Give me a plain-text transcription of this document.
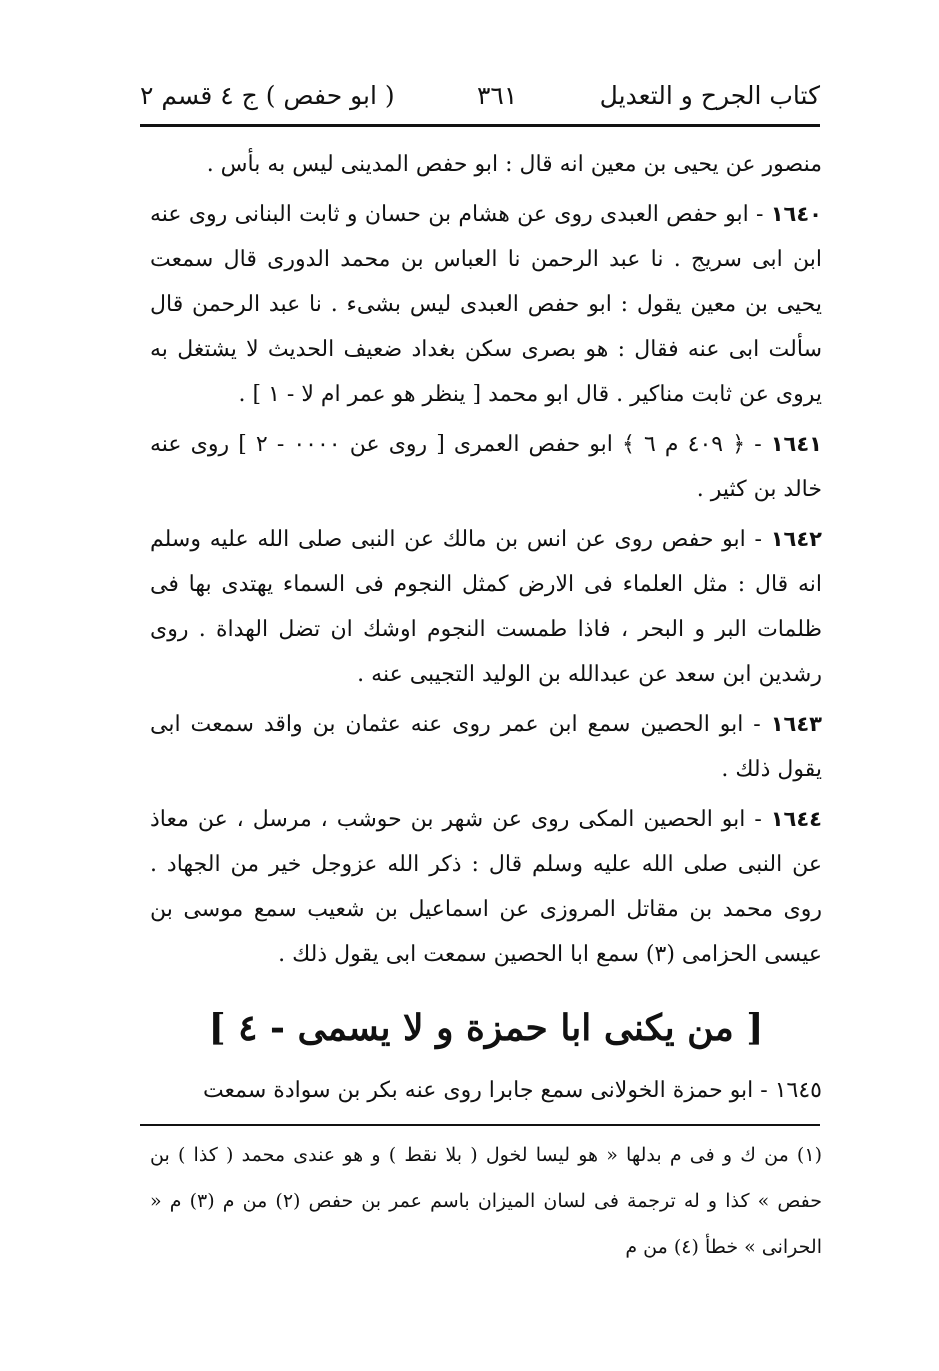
كتاب الجرح و التعديل
٣٦١
( ابو حفص ) ج ٤ قسم ٢

منصور عن يحيى بن معين انه قال : ابو حفص المدينى ليس به بأس .

١٦٤٠ - ابو حفص العبدى روى عن هشام بن حسان و ثابت البنانى روى عنه ابن ابى سريج . نا عبد الرحمن نا العباس بن محمد الدورى قال سمعت يحيى بن معين يقول : ابو حفص العبدى ليس بشىء . نا عبد الرحمن قال سألت ابى عنه فقال : هو بصرى سكن بغداد ضعيف الحديث لا يشتغل به يروى عن ثابت مناكير . قال ابو محمد [ ينظر هو عمر ام لا - ١ ] .

١٦٤١ - ﴿ ٤٠٩ م ٦ ﴾ ابو حفص العمرى [ روى عن ٠٠٠٠ - ٢ ] روى عنه خالد بن كثير .

١٦٤٢ - ابو حفص روى عن انس بن مالك عن النبى صلى الله عليه وسلم انه قال : مثل العلماء فى الارض كمثل النجوم فى السماء يهتدى بها فى ظلمات البر و البحر ، فاذا طمست النجوم اوشك ان تضل الهداة . روى رشدين ابن سعد عن عبدالله بن الوليد التجيبى عنه .

١٦٤٣ - ابو الحصين سمع ابن عمر روى عنه عثمان بن واقد سمعت ابى يقول ذلك .

١٦٤٤ - ابو الحصين المكى روى عن شهر بن حوشب ، مرسل ، عن معاذ عن النبى صلى الله عليه وسلم قال : ذكر الله عزوجل خير من الجهاد . روى محمد بن مقاتل المروزى عن اسماعيل بن شعيب سمع موسى بن عيسى الحزامى (٣) سمع ابا الحصين سمعت ابى يقول ذلك .

[ من يكنى ابا حمزة و لا يسمى - ٤ ]
١٦٤٥ - ابو حمزة الخولانى سمع جابرا روى عنه بكر بن سوادة سمعت

(١) من ك و فى م بدلها « هو ليسا لخول ( بلا نقط ) و هو عندى محمد ( كذا ) بن حفص » كذا و له ترجمة فى لسان الميزان باسم عمر بن حفص (٢) من م (٣) م « الحرانى » خطأ (٤) من م
